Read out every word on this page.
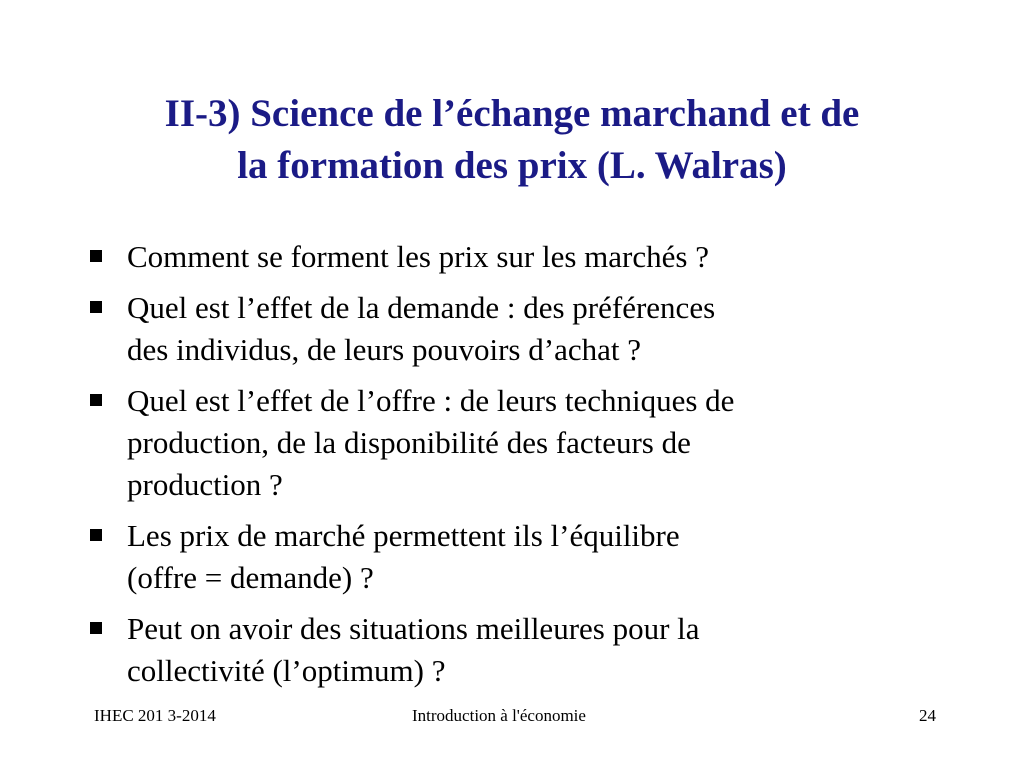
II-3) Science de l’échange marchand et de
la formation des prix (L. Walras)
Comment se forment les prix sur les marchés ?
Quel est l’effet de la demande : des préférences
des individus, de leurs pouvoirs d’achat ?
Quel est l’effet de l’offre : de leurs techniques de
production, de la disponibilité des facteurs de
production ?
Les prix de marché permettent ils l’équilibre
(offre = demande) ?
Peut on avoir des situations meilleures pour la
collectivité (l’optimum) ?
IHEC 201 3-2014	Introduction à l'économie	24
